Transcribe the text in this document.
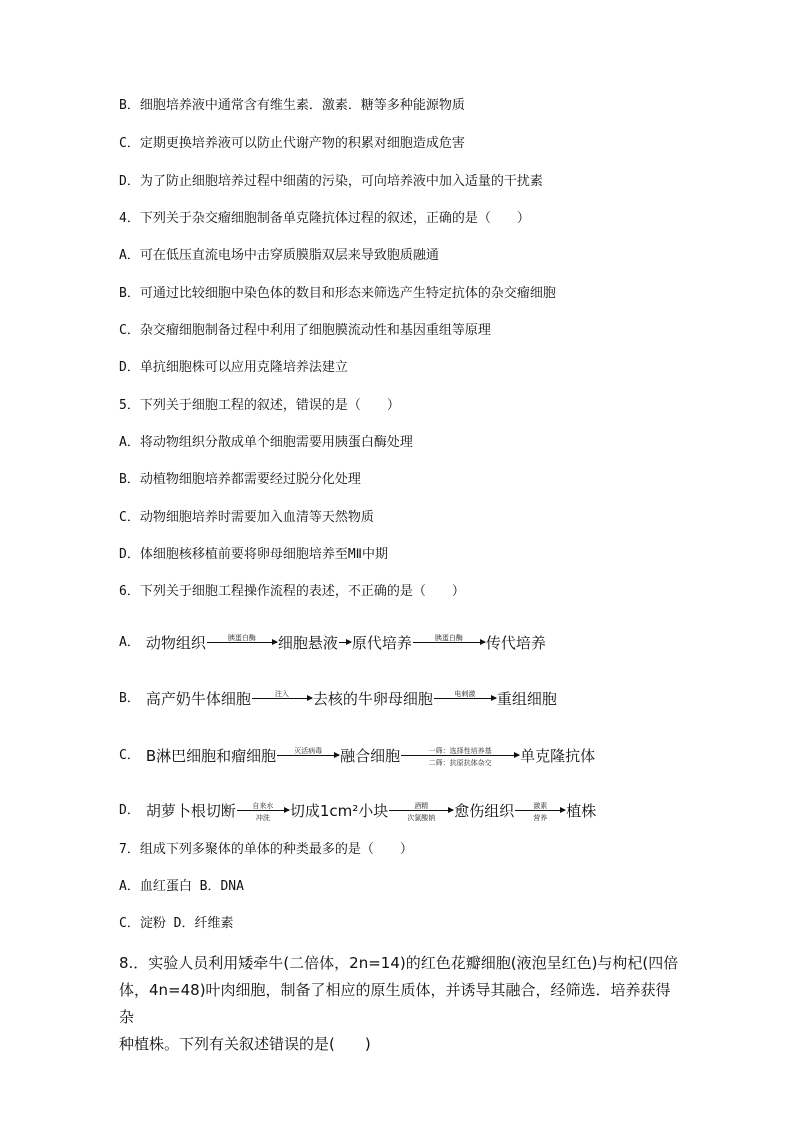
B．细胞培养液中通常含有维生素．激素．糖等多种能源物质
C．定期更换培养液可以防止代谢产物的积累对细胞造成危害
D．为了防止细胞培养过程中细菌的污染，可向培养液中加入适量的干扰素
4．下列关于杂交瘤细胞制备单克隆抗体过程的叙述，正确的是（　　）
A．可在低压直流电场中击穿质膜脂双层来导致胞质融通
B．可通过比较细胞中染色体的数目和形态来筛选产生特定抗体的杂交瘤细胞
C．杂交瘤细胞制备过程中利用了细胞膜流动性和基因重组等原理
D．单抗细胞株可以应用克隆培养法建立
5．下列关于细胞工程的叙述，错误的是（　　）
A．将动物组织分散成单个细胞需要用胰蛋白酶处理
B．动植物细胞培养都需要经过脱分化处理
C．动物细胞培养时需要加入血清等天然物质
D．体细胞核移植前要将卵母细胞培养至MⅡ中期
6．下列关于细胞工程操作流程的表述，不正确的是（　　）
A． 动物组织	胰蛋白酶 细胞悬液 原代培养	胰蛋白酶 传代培养
B． 高产奶牛体细胞	注入 去核的牛卵母细胞	电刺激 重组细胞
C． B淋巴细胞和瘤细胞	灭活病毒 融合细胞	一筛：选择性培养基
二筛：抗原抗体杂交 单克隆抗体
D． 胡萝卜根切断 自来水
冲洗 切成1cm²小块	酒精
次氯酸钠 愈伤组织	激素
营养 植株
7．组成下列多聚体的单体的种类最多的是（　　）
A．血红蛋白 B．DNA
C．淀粉 D．纤维素
8.．实验人员利用矮牵牛(二倍体，2n=14)的红色花瓣细胞(液泡呈红色)与枸杞(四倍
体，4n=48)叶肉细胞，制备了相应的原生质体，并诱导其融合，经筛选．培养获得杂
种植株。下列有关叙述错误的是(　　)
